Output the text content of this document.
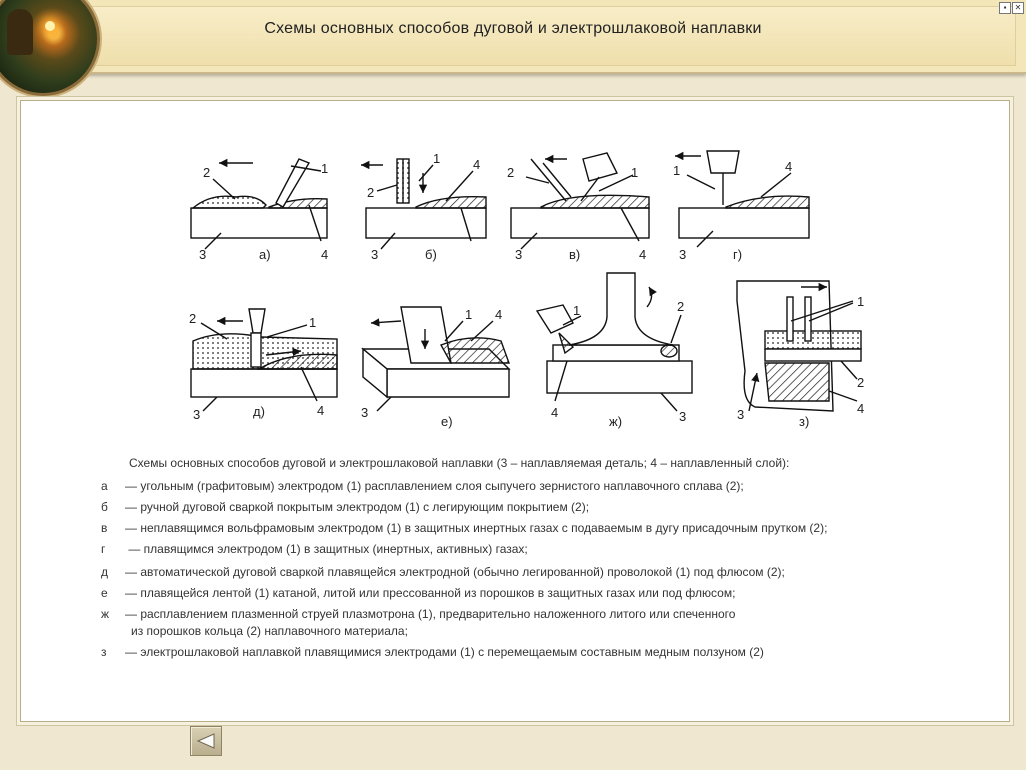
Схемы основных способов дуговой и электрошлаковой наплавки
▪	✕
а)	б)	в)	г)
д)
е)	ж)	з)
2	1
3	4
2
1	4
3
2	1
3	4
1	4
3
2	1
3	4
1 4
3
1	2
4	3
1
2
4
3
Схемы основных способов дуговой и электрошлаковой наплавки (3 – наплавляемая деталь; 4 – наплавленный слой):
а — угольным (графитовым) электродом (1) расплавлением слоя сыпучего зернистого наплавочного сплава (2);
б — ручной дуговой сваркой покрытым электродом (1) с легирующим покрытием (2);
в — неплавящимся вольфрамовым электродом (1) в защитных инертных газах с подаваемым в дугу присадочным прутком (2);
г — плавящимся электродом (1) в защитных (инертных, активных) газах;
д — автоматической дуговой сваркой плавящейся электродной (обычно легированной) проволокой (1) под флюсом (2);
е — плавящейся лентой (1) катаной, литой или прессованной из порошков в защитных газах или под флюсом;
ж — расплавлением плазменной струей плазмотрона (1), предварительно наложенного литого или спеченного
из порошков кольца (2) наплавочного материала;
з — электрошлаковой наплавкой плавящимися электродами (1) с перемещаемым составным медным ползуном (2)
